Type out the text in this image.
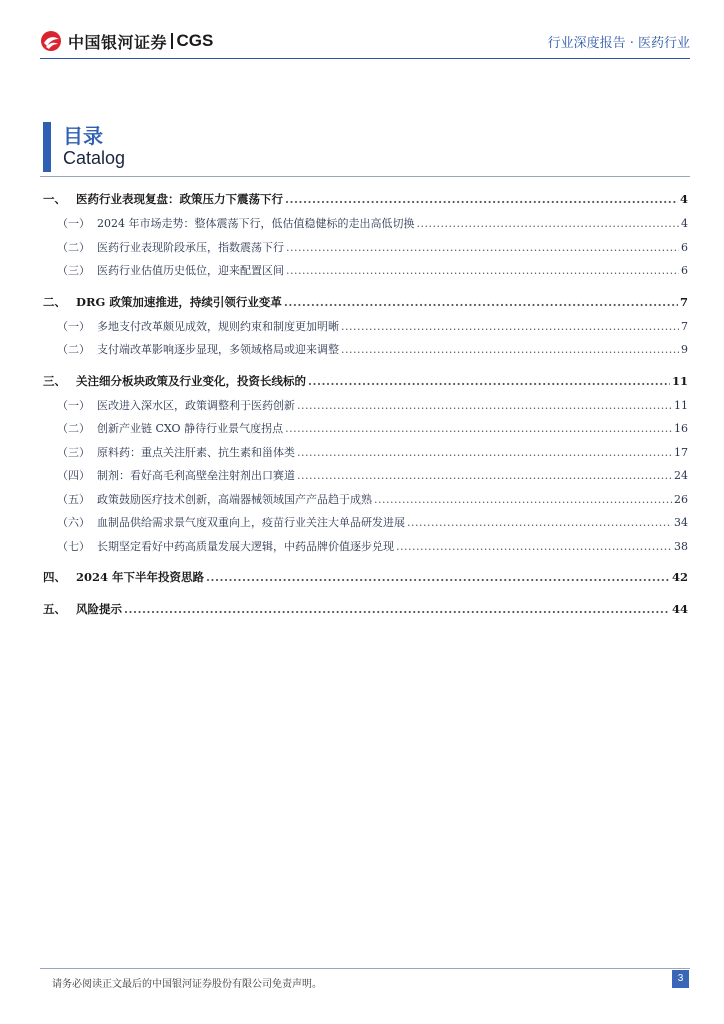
中国银河证券 CGS	行业深度报告 · 医药行业
目录
Catalog
一、 医药行业表现复盘：政策压力下震荡下行 .....	4
（一） 2024 年市场走势：整体震荡下行，低估值稳健标的走出高低切换 .....	4
（二） 医药行业表现阶段承压，指数震荡下行 .....	6
（三） 医药行业估值历史低位，迎来配置区间 .....	6
二、 DRG 政策加速推进，持续引领行业变革 .....	7
（一） 多地支付改革颇见成效，规则约束和制度更加明晰 .....	7
（二） 支付端改革影响逐步显现，多领域格局或迎来调整 .....	9
三、 关注细分板块政策及行业变化，投资长线标的 .....	11
（一） 医改进入深水区，政策调整利于医药创新 .....	11
（二） 创新产业链 CXO 静待行业景气度拐点 .....	16
（三） 原料药：重点关注肝素、抗生素和甾体类 .....	17
（四） 制剂：看好高毛利高壁垒注射剂出口赛道 .....	24
（五） 政策鼓励医疗技术创新，高端器械领域国产产品趋于成熟 .....	26
（六） 血制品供给需求景气度双重向上，疫苗行业关注大单品研发进展 .....	34
（七） 长期坚定看好中药高质量发展大逻辑，中药品牌价值逐步兑现 .....	38
四、 2024 年下半年投资思路 .....	42
五、 风险提示 .....	44
请务必阅读正文最后的中国银河证券股份有限公司免责声明。
3
